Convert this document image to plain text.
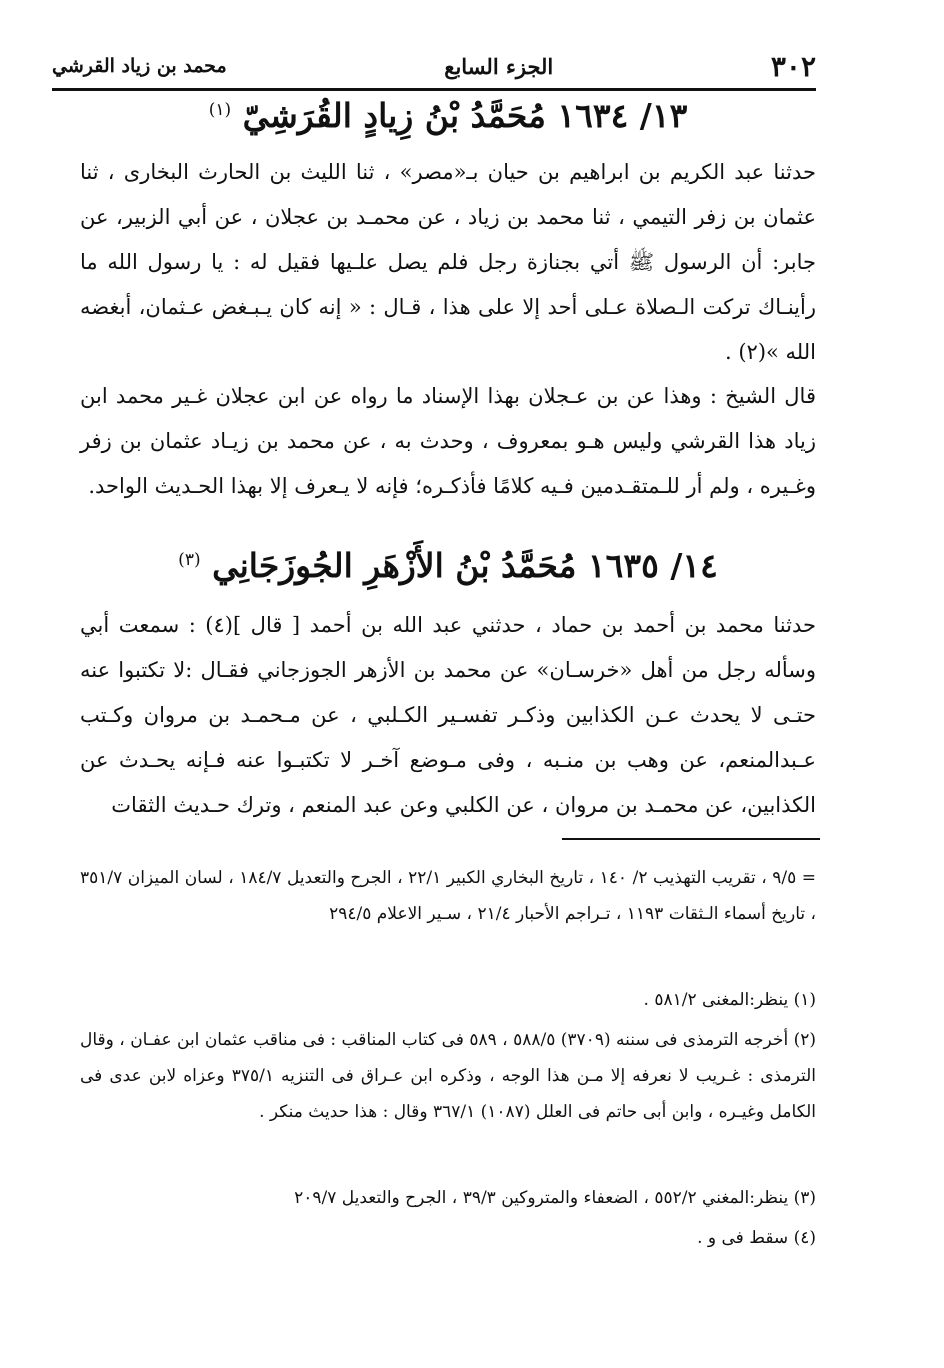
٣٠٢
الجزء السابع
محمد بن زياد القرشي
١٣/ ١٦٣٤ مُحَمَّدُ بْنُ زِيادٍ القُرَشِيّ $^{(١)}$

حدثنا عبد الكريم بن ابراهيم بن حيان بـ«مصر» ، ثنا الليث بن الحارث البخارى ، ثنا عثمان بن زفر التيمي ، ثنا محمد بن زياد ، عن محمـد بن عجلان ، عن أبي الزبير، عن جابر: أن الرسول ﷺ أتي بجنازة رجل فلم يصل علـيها فقيل له : يا رسول الله ما رأينـاك تركت الـصلاة عـلى أحد إلا على هذا ، قـال : « إنه كان يـبـغض عـثمان، أبغضه الله »(٢) .

قال الشيخ : وهذا عن بن عـجلان بهذا الإسناد ما رواه عن ابن عجلان غـير محمد ابن زياد هذا القرشي وليس هـو بمعروف ، وحدث به ، عن محمد بن زيـاد عثمان بن زفر وغـيره ، ولم أر للـمتقـدمين فـيه كلامًا فأذكـره؛ فإنه لا يـعرف إلا بهذا الحـديث الواحد.

١٤/ ١٦٣٥ مُحَمَّدُ بْنُ الأَزْهَرِ الجُوزَجَانِي $^{(٣)}$

حدثنا محمد بن أحمد بن حماد ، حدثني عبد الله بن أحمد [ قال ](٤) : سمعت أبي وسأله رجل من أهل «خرسـان» عن محمد بن الأزهر الجوزجاني فقـال :لا تكتبوا عنه حتـى لا يحدث عـن الكذابين وذكـر تفسـير الكـلبي ، عن مـحمـد بن مروان وكـتب عـبدالمنعم، عن وهب بن منـبه ، وفى مـوضع آخـر لا تكتبـوا عنه فـإنه يحـدث عن الكذابين، عن محمـد بن مروان ، عن الكلبي وعن عبد المنعم ، وترك حـديث الثقات

= ٩/٥ ، تقريب التهذيب ٢/ ١٤٠ ، تاريخ البخاري الكبير ٢٢/١ ، الجرح والتعديل ١٨٤/٧ ، لسان الميزان ٣٥١/٧ ، تاريخ أسماء الـثقات ١١٩٣ ، تـراجم الأحبار ٢١/٤ ، سـير الاعلام ٢٩٤/٥

(١) ينظر:المغنى ٥٨١/٢ .

(٢) أخرجه الترمذى فى سننه (٣٧٠٩) ٥٨٨/٥ ، ٥٨٩ فى كتاب المناقب : فى مناقب عثمان ابن عفـان ، وقال الترمذى : غـريب لا نعرفه إلا مـن هذا الوجه ، وذكره ابن عـراق فى التنزيه ٣٧٥/١ وعزاه لابن عدى فى الكامل وغيـره ، وابن أبى حاتم فى العلل (١٠٨٧) ٣٦٧/١ وقال : هذا حديث منكر .

(٣) ينظر:المغني ٥٥٢/٢ ، الضعفاء والمتروكين ٣٩/٣ ، الجرح والتعديل ٢٠٩/٧

(٤) سقط فى و .
